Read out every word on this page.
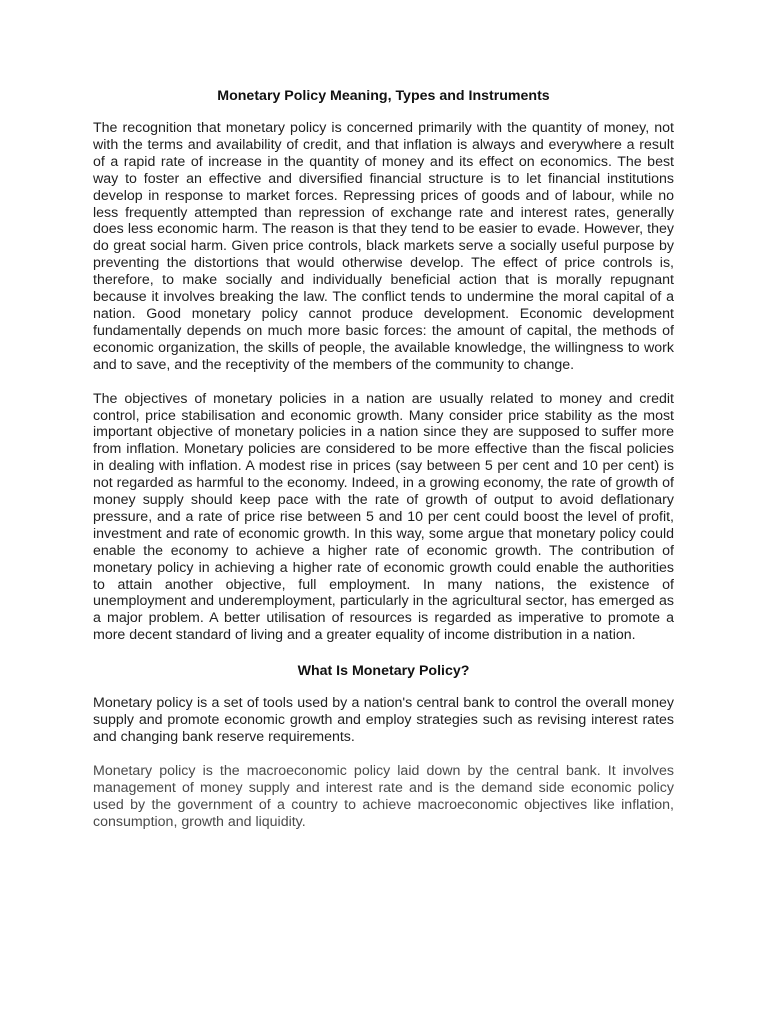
Monetary Policy Meaning, Types and Instruments

The recognition that monetary policy is concerned primarily with the quantity of money, not with the terms and availability of credit, and that inflation is always and everywhere a result of a rapid rate of increase in the quantity of money and its effect on economics. The best way to foster an effective and diversified financial structure is to let financial institutions develop in response to market forces. Repressing prices of goods and of labour, while no less frequently attempted than repression of exchange rate and interest rates, generally does less economic harm. The reason is that they tend to be easier to evade. However, they do great social harm. Given price controls, black markets serve a socially useful purpose by preventing the distortions that would otherwise develop. The effect of price controls is, therefore, to make socially and individually beneficial action that is morally repugnant because it involves breaking the law. The conflict tends to undermine the moral capital of a nation. Good monetary policy cannot produce development. Economic development fundamentally depends on much more basic forces: the amount of capital, the methods of economic organization, the skills of people, the available knowledge, the willingness to work and to save, and the receptivity of the members of the community to change.

The objectives of monetary policies in a nation are usually related to money and credit control, price stabilisation and economic growth. Many consider price stability as the most important objective of monetary policies in a nation since they are supposed to suffer more from inflation. Monetary policies are considered to be more effective than the fiscal policies in dealing with inflation. A modest rise in prices (say between 5 per cent and 10 per cent) is not regarded as harmful to the economy. Indeed, in a growing economy, the rate of growth of money supply should keep pace with the rate of growth of output to avoid deflationary pressure, and a rate of price rise between 5 and 10 per cent could boost the level of profit, investment and rate of economic growth. In this way, some argue that monetary policy could enable the economy to achieve a higher rate of economic growth. The contribution of monetary policy in achieving a higher rate of economic growth could enable the authorities to attain another objective, full employment. In many nations, the existence of unemployment and underemployment, particularly in the agricultural sector, has emerged as a major problem. A better utilisation of resources is regarded as imperative to promote a more decent standard of living and a greater equality of income distribution in a nation.

What Is Monetary Policy?

Monetary policy is a set of tools used by a nation's central bank to control the overall money supply and promote economic growth and employ strategies such as revising interest rates and changing bank reserve requirements.

Monetary policy is the macroeconomic policy laid down by the central bank. It involves management of money supply and interest rate and is the demand side economic policy used by the government of a country to achieve macroeconomic objectives like inflation, consumption, growth and liquidity.
